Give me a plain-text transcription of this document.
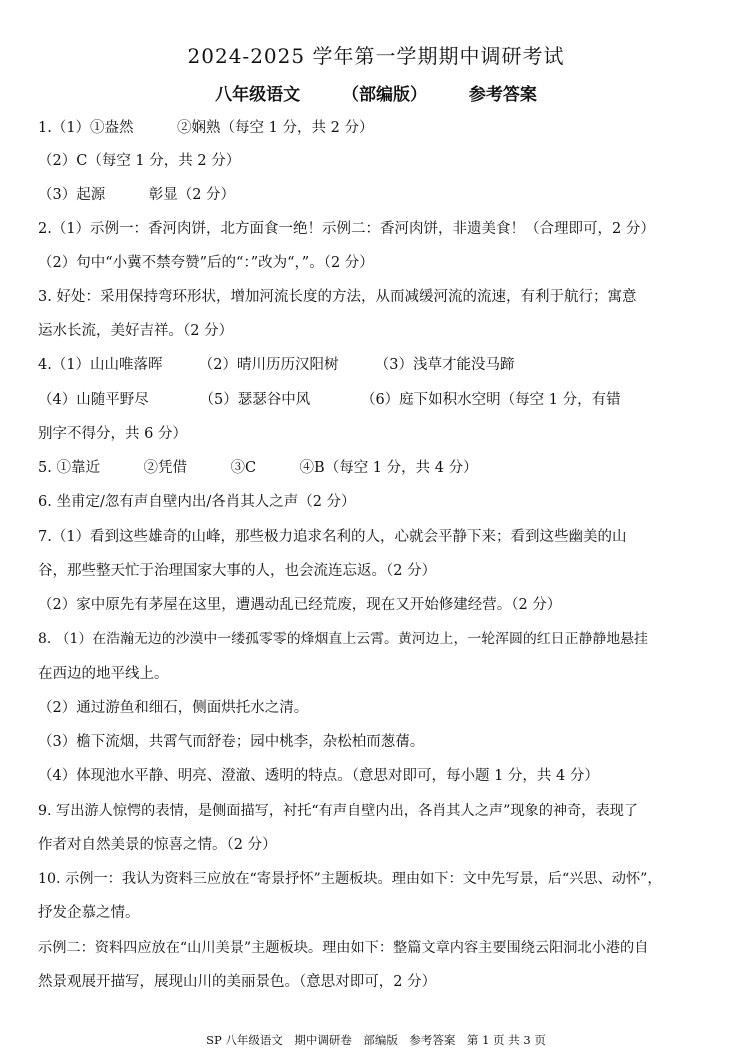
2024-2025 学年第一学期期中调研考试
八年级语文 （部编版） 参考答案
1.（1）①盎然　　　②娴熟（每空 1 分，共 2 分）
（2）C（每空 1 分，共 2 分）
（3）起源　　　彰显（2 分）
2.（1）示例一：香河肉饼，北方面食一绝！示例二：香河肉饼，非遗美食！（合理即可，2 分）
（2）句中“小冀不禁夸赞”后的“：”改为“，”。（2 分）
3. 好处：采用保持弯环形状，增加河流长度的方法，从而减缓河流的流速，有利于航行；寓意
运水长流，美好吉祥。（2 分）
4.（1）山山唯落晖　　　（2）晴川历历汉阳树　　　（3）浅草才能没马蹄
（4）山随平野尽　　　　（5）瑟瑟谷中风　　　　（6）庭下如积水空明（每空 1 分，有错
别字不得分，共 6 分）
5. ①靠近　　　②凭借　　　③C　　　④B（每空 1 分，共 4 分）
6. 坐甫定/忽有声自壁内出/各肖其人之声（2 分）
7.（1）看到这些雄奇的山峰，那些极力追求名利的人，心就会平静下来；看到这些幽美的山
谷，那些整天忙于治理国家大事的人，也会流连忘返。（2 分）
（2）家中原先有茅屋在这里，遭遇动乱已经荒废，现在又开始修建经营。（2 分）
8. （1）在浩瀚无边的沙漠中一缕孤零零的烽烟直上云霄。黄河边上，一轮浑圆的红日正静静地悬挂
在西边的地平线上。
（2）通过游鱼和细石，侧面烘托水之清。
（3）檐下流烟，共霄气而舒卷；园中桃李，杂松柏而葱蒨。
（4）体现池水平静、明亮、澄澈、透明的特点。（意思对即可，每小题 1 分，共 4 分）
9. 写出游人惊愕的表情，是侧面描写，衬托“有声自壁内出，各肖其人之声”现象的神奇，表现了
作者对自然美景的惊喜之情。（2 分）
10. 示例一：我认为资料三应放在“寄景抒怀”主题板块。理由如下：文中先写景，后“兴思、动怀”，
抒发企慕之情。
示例二：资料四应放在“山川美景”主题板块。理由如下：整篇文章内容主要围绕云阳洞北小港的自
然景观展开描写，展现山川的美丽景色。（意思对即可，2 分）
SP 八年级语文　期中调研卷　部编版　参考答案　第 1 页 共 3 页
